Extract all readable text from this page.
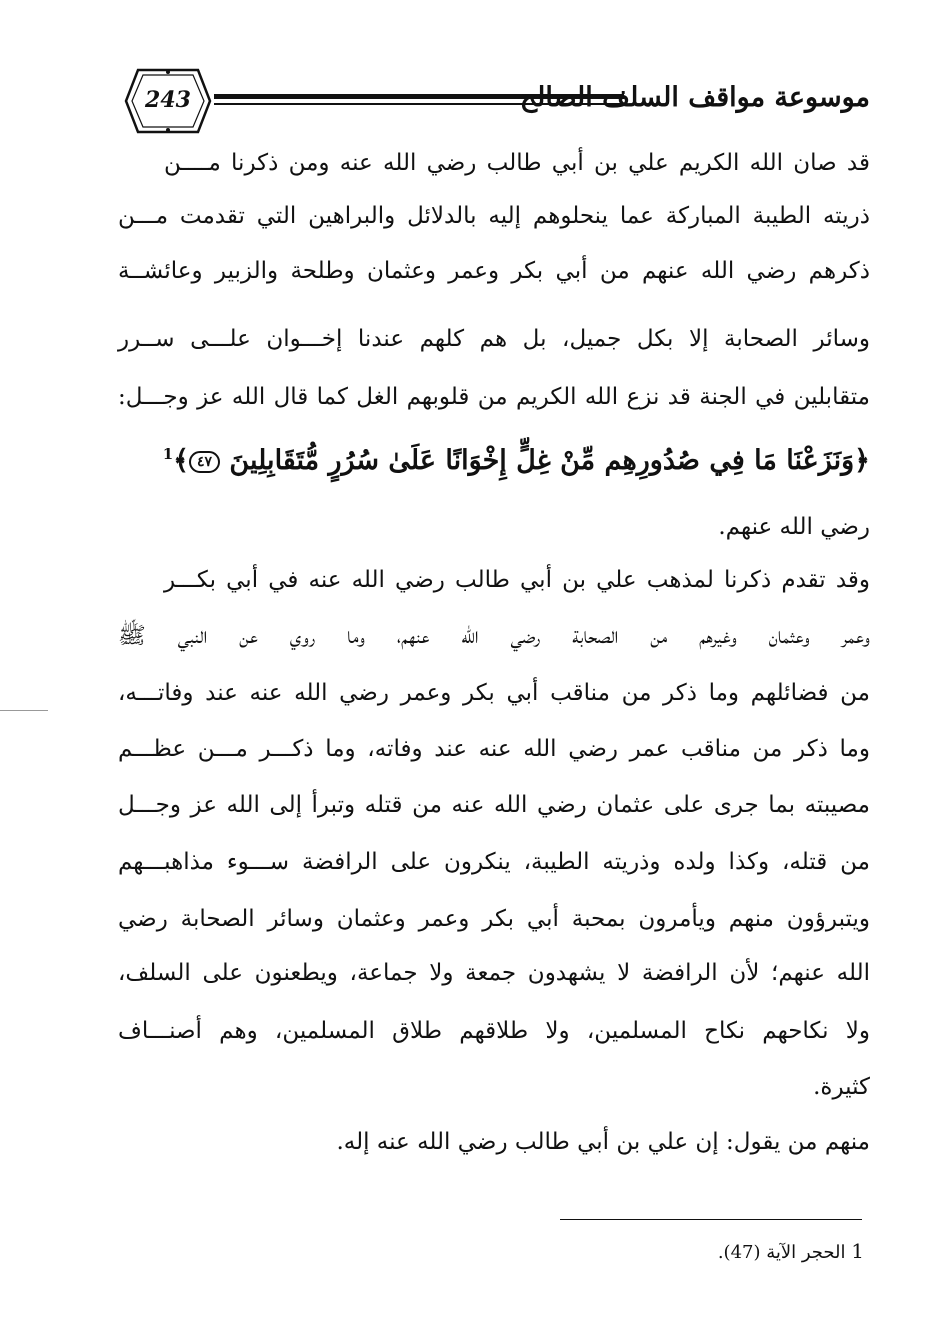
243	موسوعة مواقف السلف الصالح
قد صان الله الكريم علي بن أبي طالب رضي الله عنه ومن ذكرنا مــــن
ذريته الطيبة المباركة عما ينحلوهم إليه بالدلائل والبراهين التي تقدمت مـــن
ذكرهم رضي الله عنهم من أبي بكر وعمر وعثمان وطلحة والزبير وعائشــة
وسائر الصحابة إلا بكل جميل، بل هم كلهم عندنا إخـــوان علـــى ســرر
متقابلين في الجنة قد نزع الله الكريم من قلوبهم الغل كما قال الله عز وجـــل:
﴿وَنَزَعْنَا مَا فِي صُدُورِهِم مِّنْ غِلٍّ إِخْوَانًا عَلَىٰ سُرُرٍ مُّتَقَابِلِينَ ٤٧﴾$^1$
رضي الله عنهم.
وقد تقدم ذكرنا لمذهب علي بن أبي طالب رضي الله عنه في أبي بكـــر
وعمر وعثمان وغيرهم من الصحابة رضي الله عنهم، وما روي عن النبي ﷺ
من فضائلهم وما ذكر من مناقب أبي بكر وعمر رضي الله عنه عند وفاتـــه،
وما ذكر من مناقب عمر رضي الله عنه عند وفاته، وما ذكـــر مـــن عظـــم
مصيبته بما جرى على عثمان رضي الله عنه من قتله وتبرأ إلى الله عز وجـــل
من قتله، وكذا ولده وذريته الطيبة، ينكرون على الرافضة ســـوء مذاهبـــهم
ويتبرؤون منهم ويأمرون بمحبة أبي بكر وعمر وعثمان وسائر الصحابة رضي
الله عنهم؛ لأن الرافضة لا يشهدون جمعة ولا جماعة، ويطعنون على السلف،
ولا نكاحهم نكاح المسلمين، ولا طلاقهم طلاق المسلمين، وهم أصنـــاف
كثيرة.
منهم من يقول: إن علي بن أبي طالب رضي الله عنه إله.
1 الحجر الآية (47).
